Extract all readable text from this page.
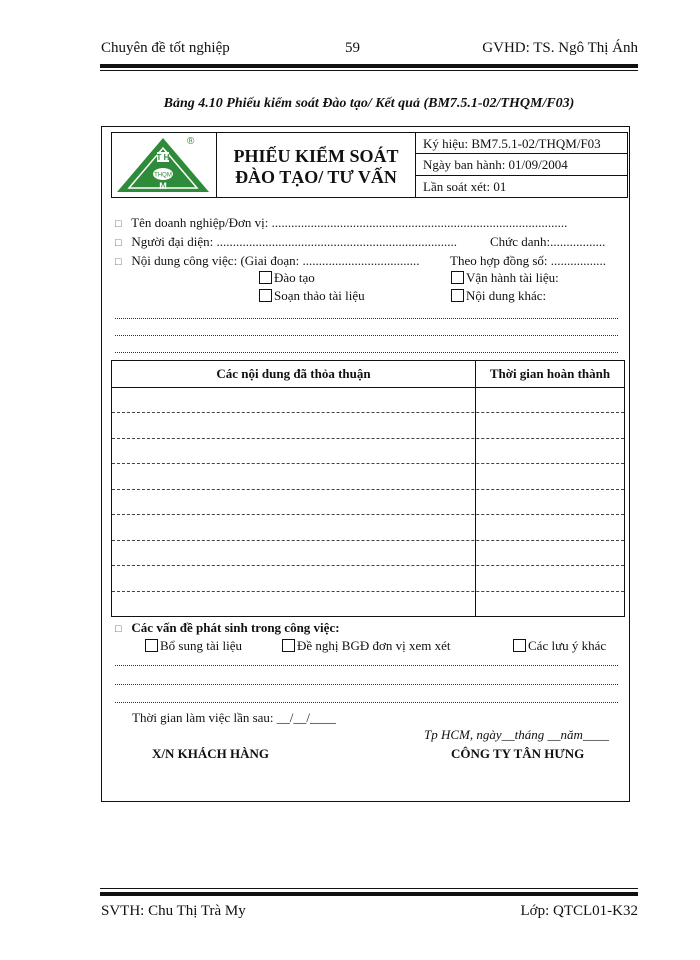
Chuyên đề tốt nghiệp	59	GVHD: TS. Ngô Thị Ánh
Bảng 4.10 Phiếu kiểm soát Đào tạo/ Kết quả (BM7.5.1-02/THQM/F03)
T H
THQM
M
®
PHIẾU KIỂM SOÁT
ĐÀO TẠO/ TƯ VẤN
Ký hiệu: BM7.5.1-02/THQM/F03
Ngày ban hành: 01/09/2004
Lần soát xét: 01
□ Tên doanh nghiệp/Đơn vị: ...........................................................................................
□ Người đại diện: ..........................................................................	Chức danh:.................
□ Nội dung công việc: (Giai đoạn: .................................... Theo hợp đồng số: .................
Đào tạo
Soạn thảo tài liệu
Vận hành tài liệu:
Nội dung khác:
Các nội dung đã thỏa thuận	Thời gian hoàn thành
□ Các vấn đề phát sinh trong công việc:
Bổ sung tài liệu	Đề nghị BGĐ đơn vị xem xét	Các lưu ý khác
Thời gian làm việc lần sau: __/__/____
Tp HCM, ngày__tháng __năm____
X/N KHÁCH HÀNG	CÔNG TY TÂN HƯNG
SVTH: Chu Thị Trà My	Lớp: QTCL01-K32
